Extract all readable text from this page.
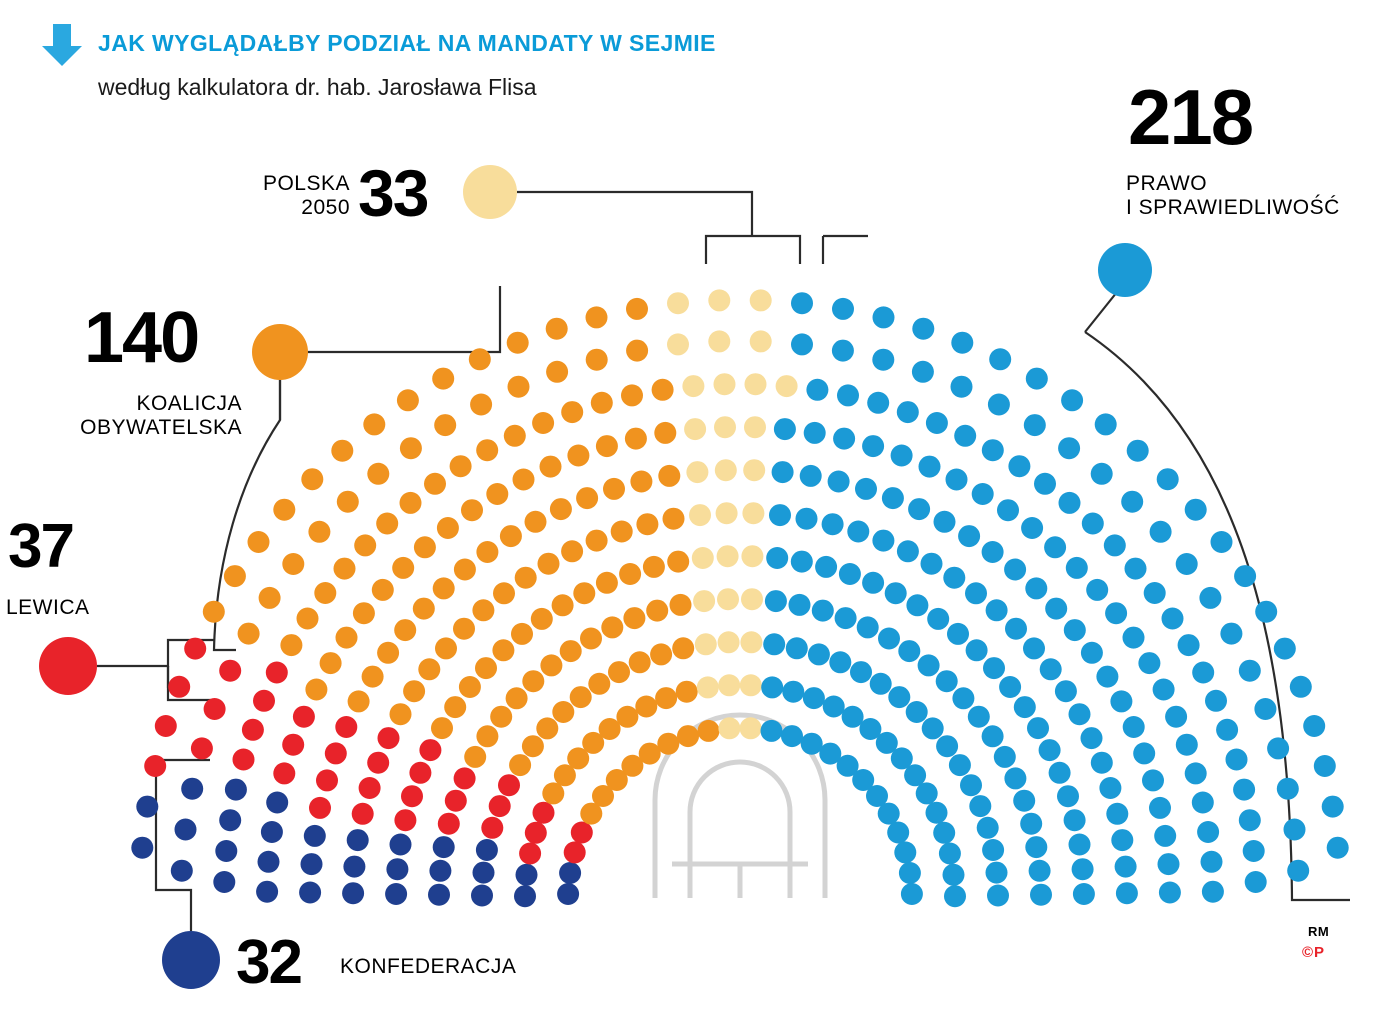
JAK WYGLĄDAŁBY PODZIAŁ NA MANDATY W SEJMIE
według kalkulatora dr. hab. Jarosława Flisa	218
PRAWO
I SPRAWIEDLIWOŚĆ
POLSKA
2050 33
140
KOALICJA
OBYWATELSKA
37
LEWICA
32 KONFEDERACJA
RM
©P
